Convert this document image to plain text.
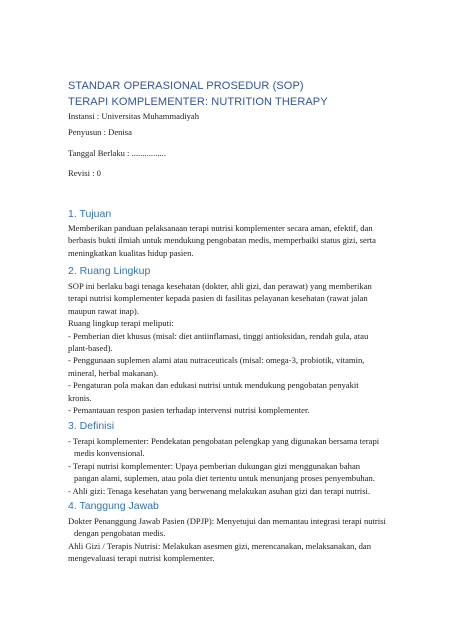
STANDAR OPERASIONAL PROSEDUR (SOP)
TERAPI KOMPLEMENTER: NUTRITION THERAPY
Instansi : Universitas Muhammadiyah
Penyusun : Denisa
Tanggal Berlaku : ................
Revisi : 0
1. Tujuan
Memberikan panduan pelaksanaan terapi nutrisi komplementer secara aman, efektif, dan
berbasis bukti ilmiah untuk mendukung pengobatan medis, memperbaiki status gizi, serta
meningkatkan kualitas hidup pasien.
2. Ruang Lingkup
SOP ini berlaku bagi tenaga kesehatan (dokter, ahli gizi, dan perawat) yang memberikan
terapi nutrisi komplementer kepada pasien di fasilitas pelayanan kesehatan (rawat jalan
maupun rawat inap).
Ruang lingkup terapi meliputi:
- Pemberian diet khusus (misal: diet antiinflamasi, tinggi antioksidan, rendah gula, atau
plant-based).
- Penggunaan suplemen alami atau nutraceuticals (misal: omega-3, probiotik, vitamin,
mineral, herbal makanan).
- Pengaturan pola makan dan edukasi nutrisi untuk mendukung pengobatan penyakit
kronis.
- Pemantauan respon pasien terhadap intervensi nutrisi komplementer.
3. Definisi
- Terapi komplementer: Pendekatan pengobatan pelengkap yang digunakan bersama terapi
medis konvensional.
- Terapi nutrisi komplementer: Upaya pemberian dukungan gizi menggunakan bahan
pangan alami, suplemen, atau pola diet tertentu untuk menunjang proses penyembuhan.
- Ahli gizi: Tenaga kesehatan yang berwenang melakukan asuhan gizi dan terapi nutrisi.
4. Tanggung Jawab
Dokter Penanggung Jawab Pasien (DPJP): Menyetujui dan memantau integrasi terapi nutrisi
dengan pengobatan medis.
Ahli Gizi / Terapis Nutrisi: Melakukan asesmen gizi, merencanakan, melaksanakan, dan
mengevaluasi terapi nutrisi komplementer.
